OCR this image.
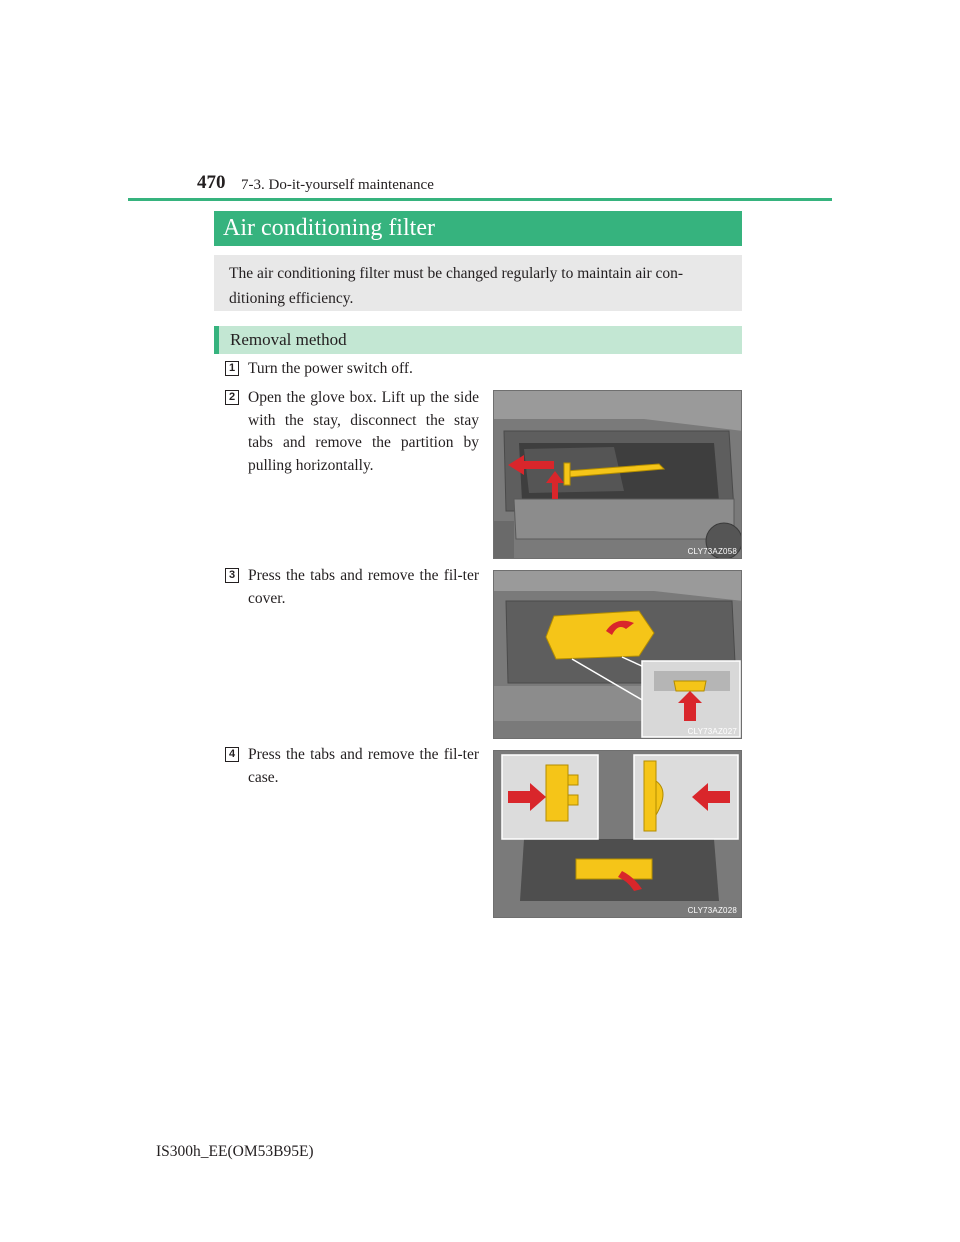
470 7-3. Do-it-yourself maintenance
Air conditioning filter
The air conditioning filter must be changed regularly to maintain air con-ditioning efficiency.
Removal method
1 Turn the power switch off.
2 Open the glove box. Lift up the side with the stay, disconnect the stay tabs and remove the partition by pulling horizontally.
CLY73AZ058
3 Press the tabs and remove the fil-ter cover.
CLY73AZ027
4 Press the tabs and remove the fil-ter case.
CLY73AZ028
IS300h_EE(OM53B95E)
